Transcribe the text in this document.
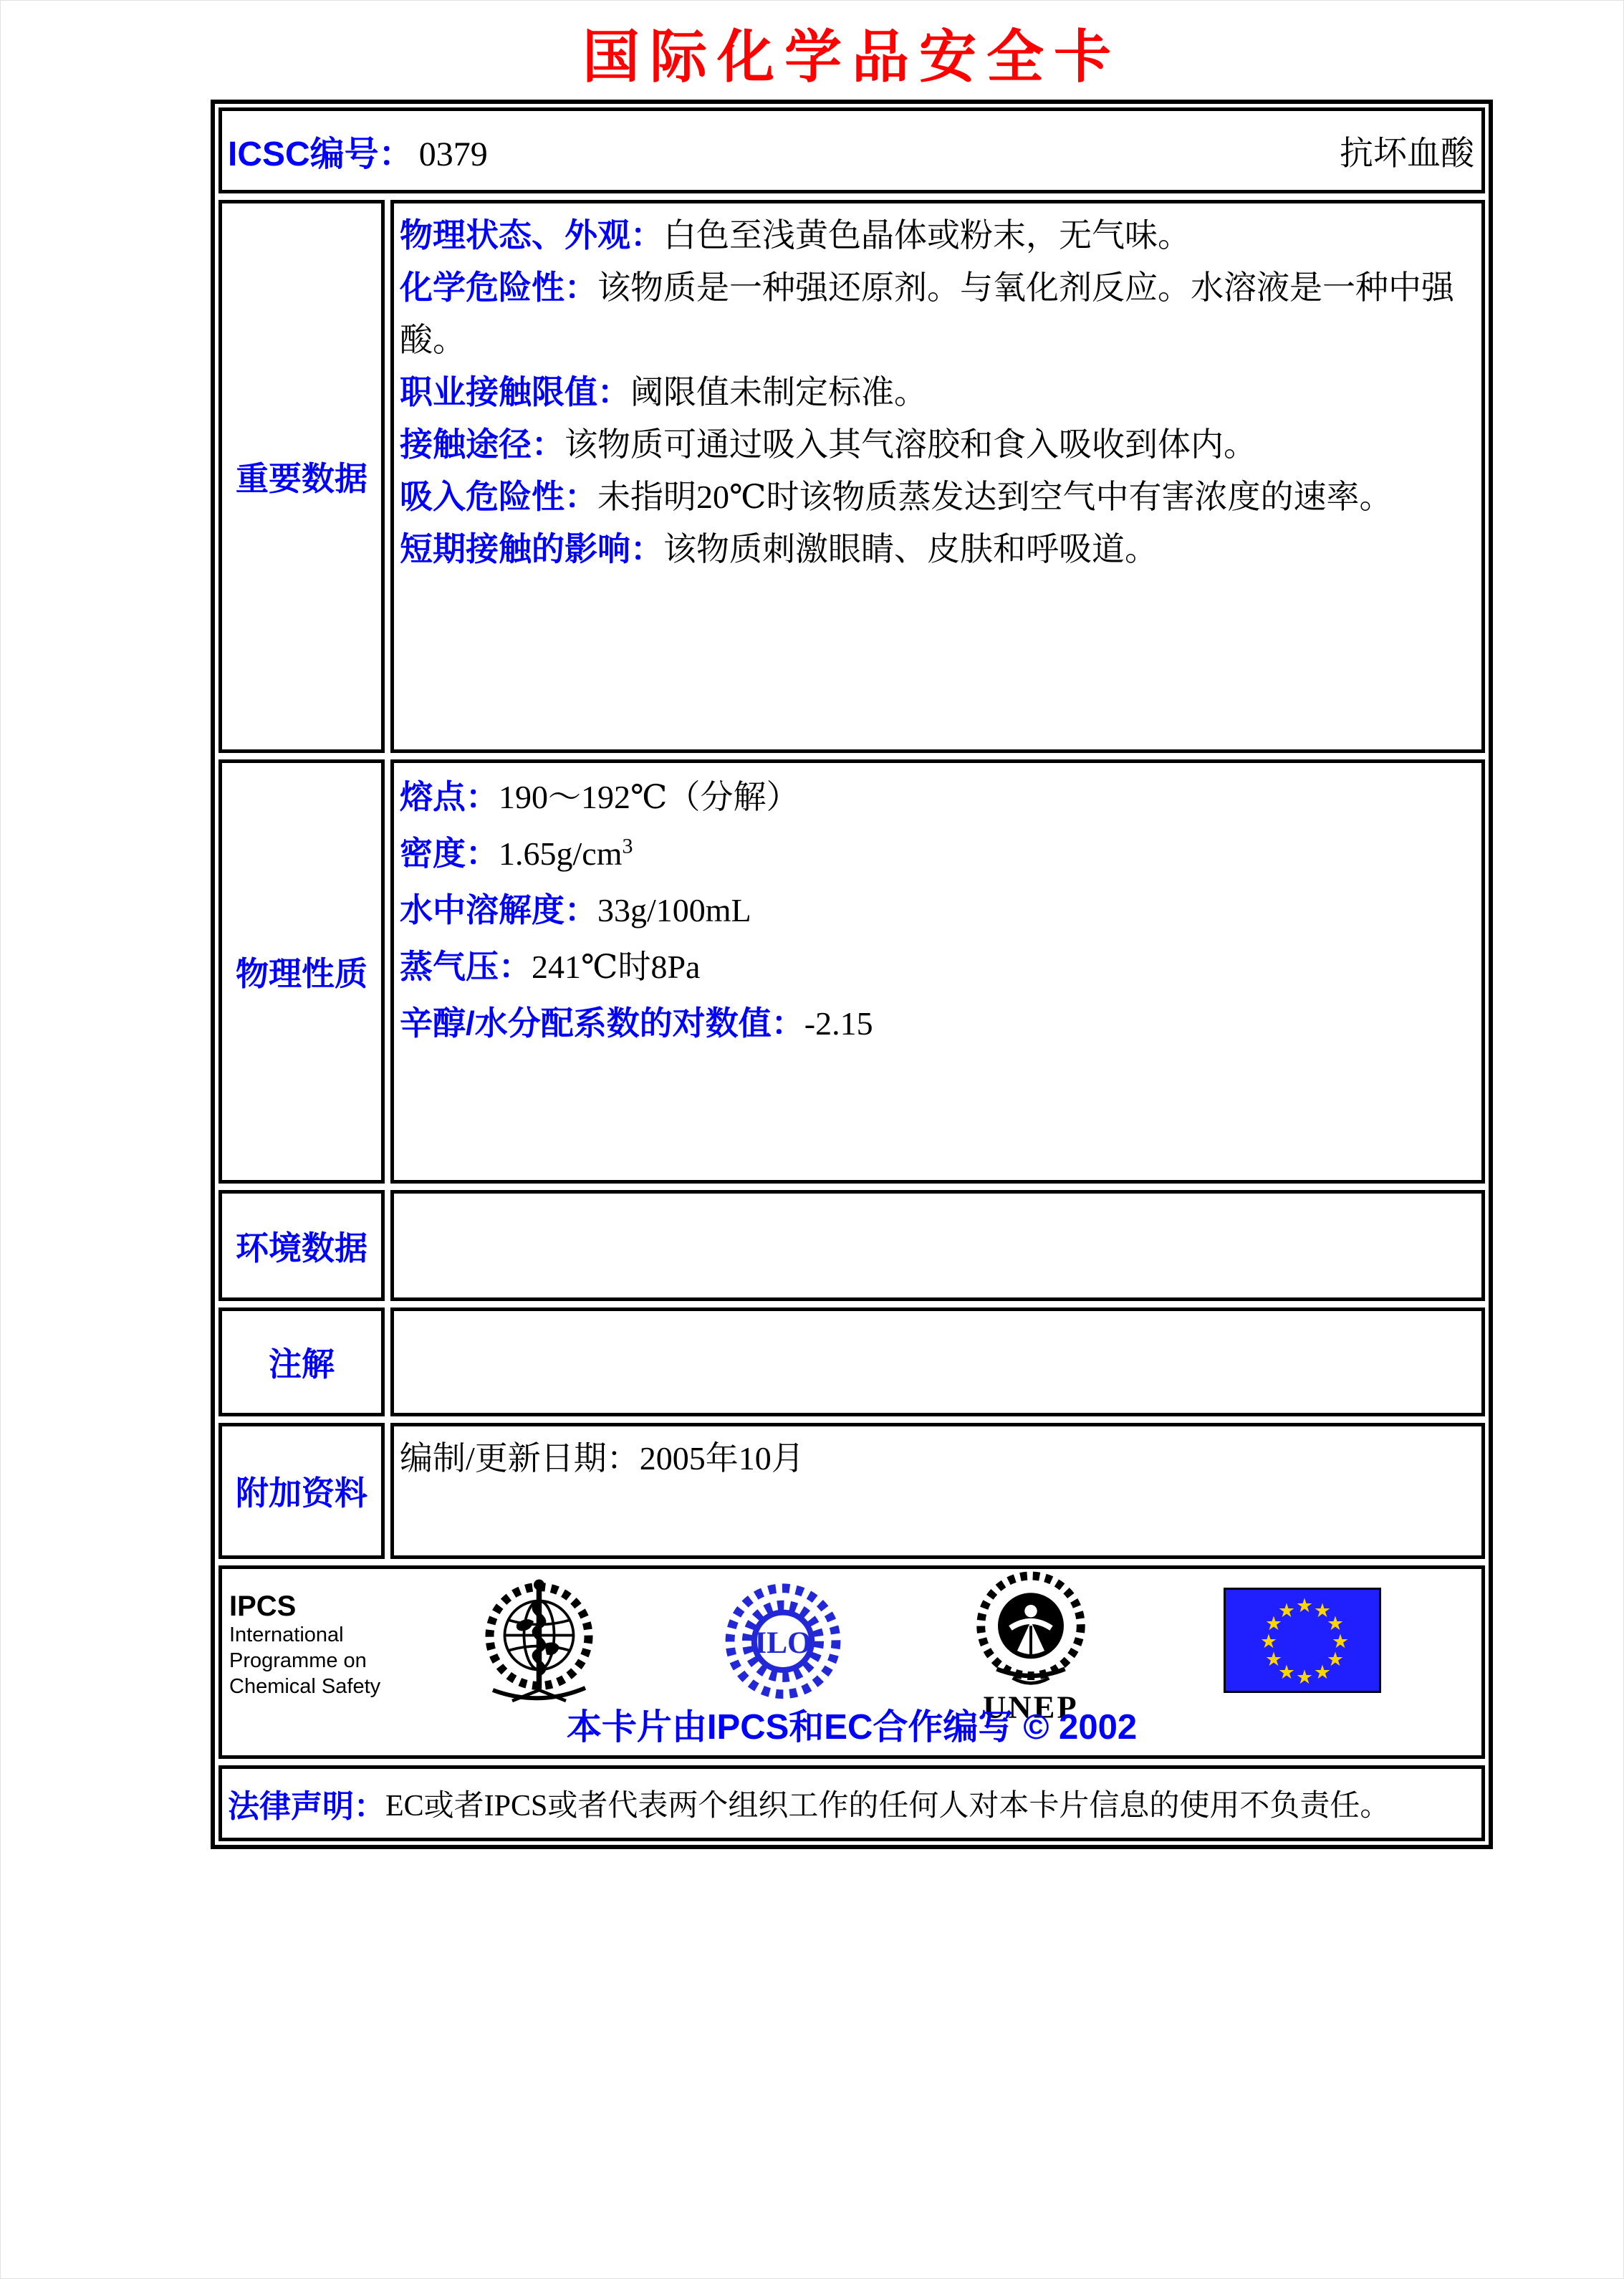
国际化学品安全卡
ICSC编号： 0379	抗坏血酸
重要数据

物理状态、外观：白色至浅黄色晶体或粉末，无气味。

化学危险性：该物质是一种强还原剂。与氧化剂反应。水溶液是一种中强酸。

职业接触限值：阈限值未制定标准。

接触途径：该物质可通过吸入其气溶胶和食入吸收到体内。

吸入危险性：未指明20℃时该物质蒸发达到空气中有害浓度的速率。

短期接触的影响：该物质刺激眼睛、皮肤和呼吸道。

物理性质

熔点：190～192℃（分解）

密度：$1.65g/cm^3$

水中溶解度：33g/100mL

蒸气压：241℃时8Pa

辛醇/水分配系数的对数值：-2.15

环境数据
注解
附加资料

编制/更新日期：2005年10月

IPCS
International
Programme on
Chemical Safety
ILO
UNEP
★ ★
★
★
★
★
★
★
★
★
★
★
本卡片由IPCS和EC合作编写 © 2002
法律声明： EC或者IPCS或者代表两个组织工作的任何人对本卡片信息的使用不负责任。
